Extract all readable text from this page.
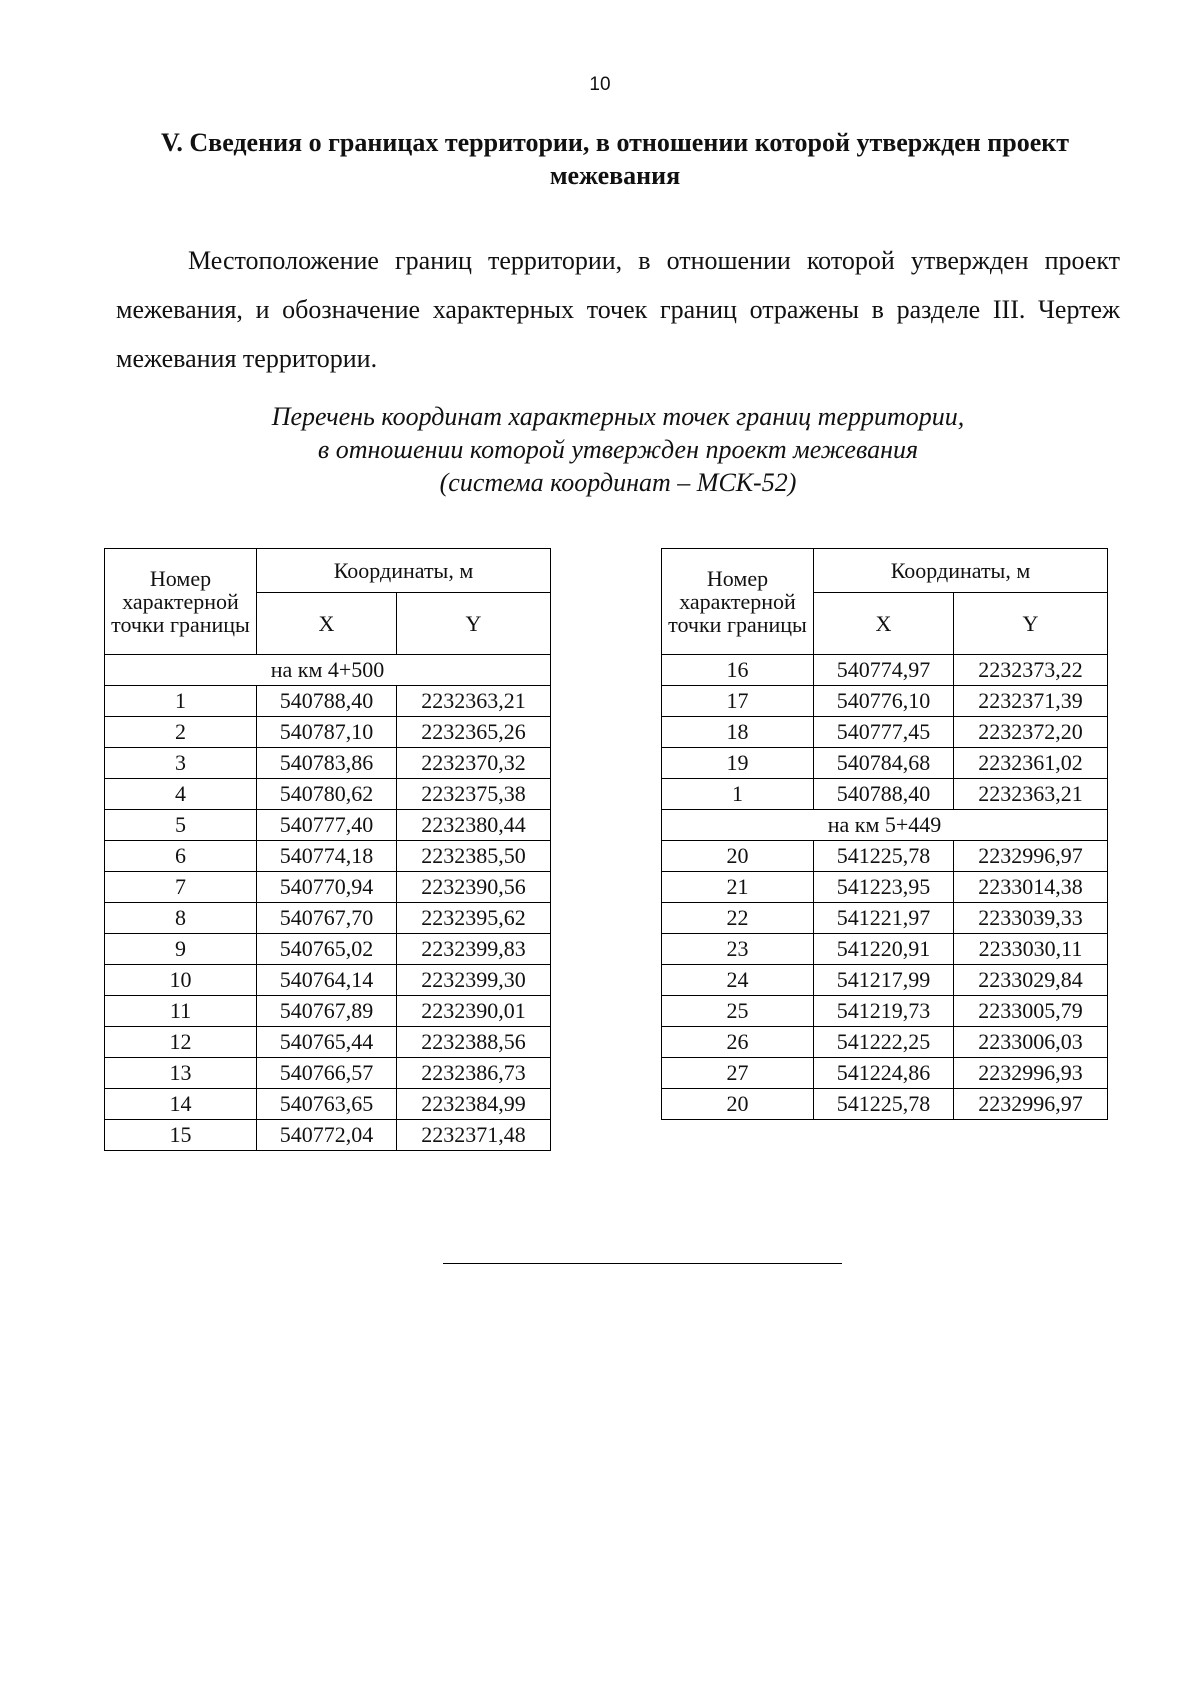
10
V. Сведения о границах территории, в отношении которой утвержден проект межевания
Местоположение границ территории, в отношении которой утвержден проект межевания, и обозначение характерных точек границ отражены в разделе III. Чертеж межевания территории.
Перечень координат характерных точек границ территории,
в отношении которой утвержден проект межевания
(система координат – МСК-52)
Номер характерной точки границы	Координаты, м	
	X	Y
на км 4+500		
1	540788,40	2232363,21
2	540787,10	2232365,26
3	540783,86	2232370,32
4	540780,62	2232375,38
5	540777,40	2232380,44
6	540774,18	2232385,50
7	540770,94	2232390,56
8	540767,70	2232395,62
9	540765,02	2232399,83
10	540764,14	2232399,30
11	540767,89	2232390,01
12	540765,44	2232388,56
13	540766,57	2232386,73
14	540763,65	2232384,99
15	540772,04	2232371,48
Номер характерной точки границы	Координаты, м	
	X	Y
16	540774,97	2232373,22
17	540776,10	2232371,39
18	540777,45	2232372,20
19	540784,68	2232361,02
1	540788,40	2232363,21
на км 5+449		
20	541225,78	2232996,97
21	541223,95	2233014,38
22	541221,97	2233039,33
23	541220,91	2233030,11
24	541217,99	2233029,84
25	541219,73	2233005,79
26	541222,25	2233006,03
27	541224,86	2232996,93
20	541225,78	2232996,97
